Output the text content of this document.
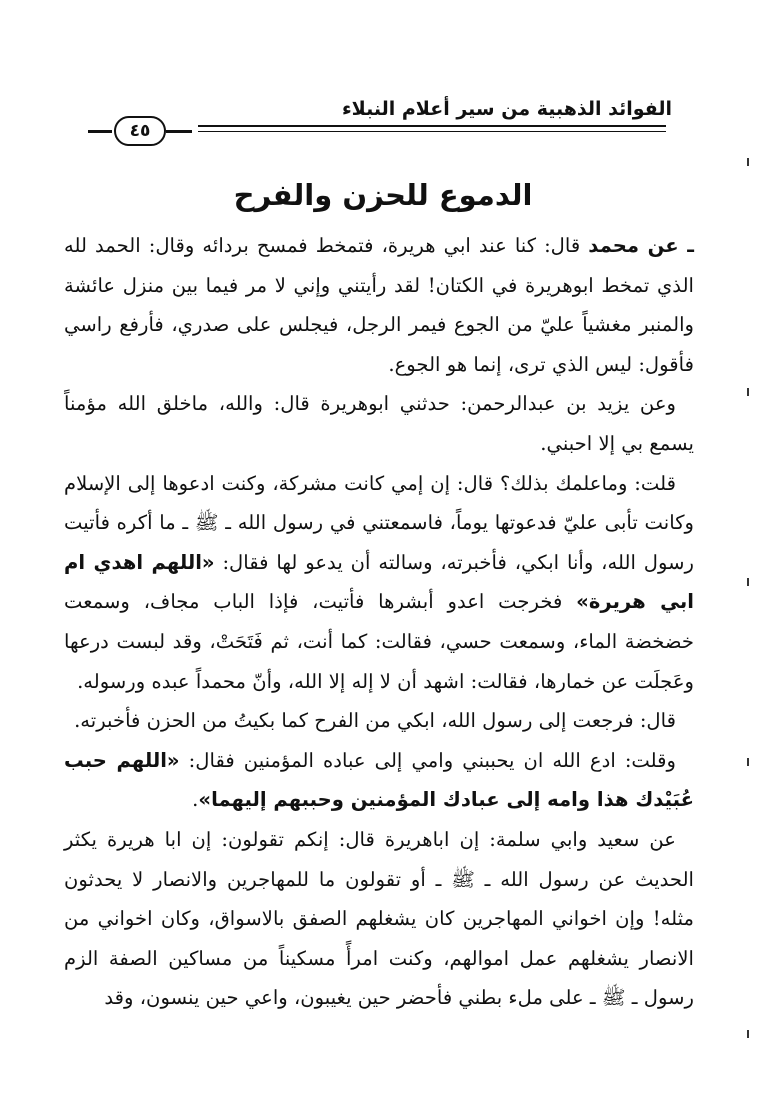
الفوائد الذهبية من سير أعلام النبلاء
٤٥
الدموع للحزن والفرح

ـ عن محمد قال: كنا عند ابي هريرة، فتمخط فمسح بردائه وقال: الحمد لله الذي تمخط ابوهريرة في الكتان! لقد رأيتني وإني لا مر فيما بين منزل عائشة والمنبر مغشياً عليّ من الجوع فيمر الرجل، فيجلس على صدري، فأرفع راسي فأقول: ليس الذي ترى، إنما هو الجوع.

وعن يزيد بن عبدالرحمن: حدثني ابوهريرة قال: والله، ماخلق الله مؤمناً يسمع بي إلا احبني.

قلت: وماعلمك بذلك؟ قال: إن إمي كانت مشركة، وكنت ادعوها إلى الإسلام وكانت تأبى عليّ فدعوتها يوماً، فاسمعتني في رسول الله ـ ﷺ ـ ما أكره فأتيت رسول الله، وأنا ابكي، فأخبرته، وسالته أن يدعو لها فقال: «اللهم اهدي ام ابي هريرة» فخرجت اعدو أبشرها فأتيت، فإذا الباب مجاف، وسمعت خضخضة الماء، وسمعت حسي، فقالت: كما أنت، ثم فَتَحَتْ، وقد لبست درعها وعَجلَت عن خمارها، فقالت: اشهد أن لا إله إلا الله، وأنّ محمداً عبده ورسوله.

قال: فرجعت إلى رسول الله، ابكي من الفرح كما بكيتُ من الحزن فأخبرته.

وقلت: ادع الله ان يحببني وامي إلى عباده المؤمنين فقال: «اللهم حبب عُبَيْدك هذا وامه إلى عبادك المؤمنين وحببهم إليهما».

عن سعيد وابي سلمة: إن اباهريرة قال: إنكم تقولون: إن ابا هريرة يكثر الحديث عن رسول الله ـ ﷺ ـ أو تقولون ما للمهاجرين والانصار لا يحدثون مثله! وإن اخواني المهاجرين كان يشغلهم الصفق بالاسواق، وكان اخواني من الانصار يشغلهم عمل اموالهم، وكنت امرأً مسكيناً من مساكين الصفة الزم رسول ـ ﷺ ـ على ملء بطني فأحضر حين يغيبون، واعي حين ينسون، وقد
